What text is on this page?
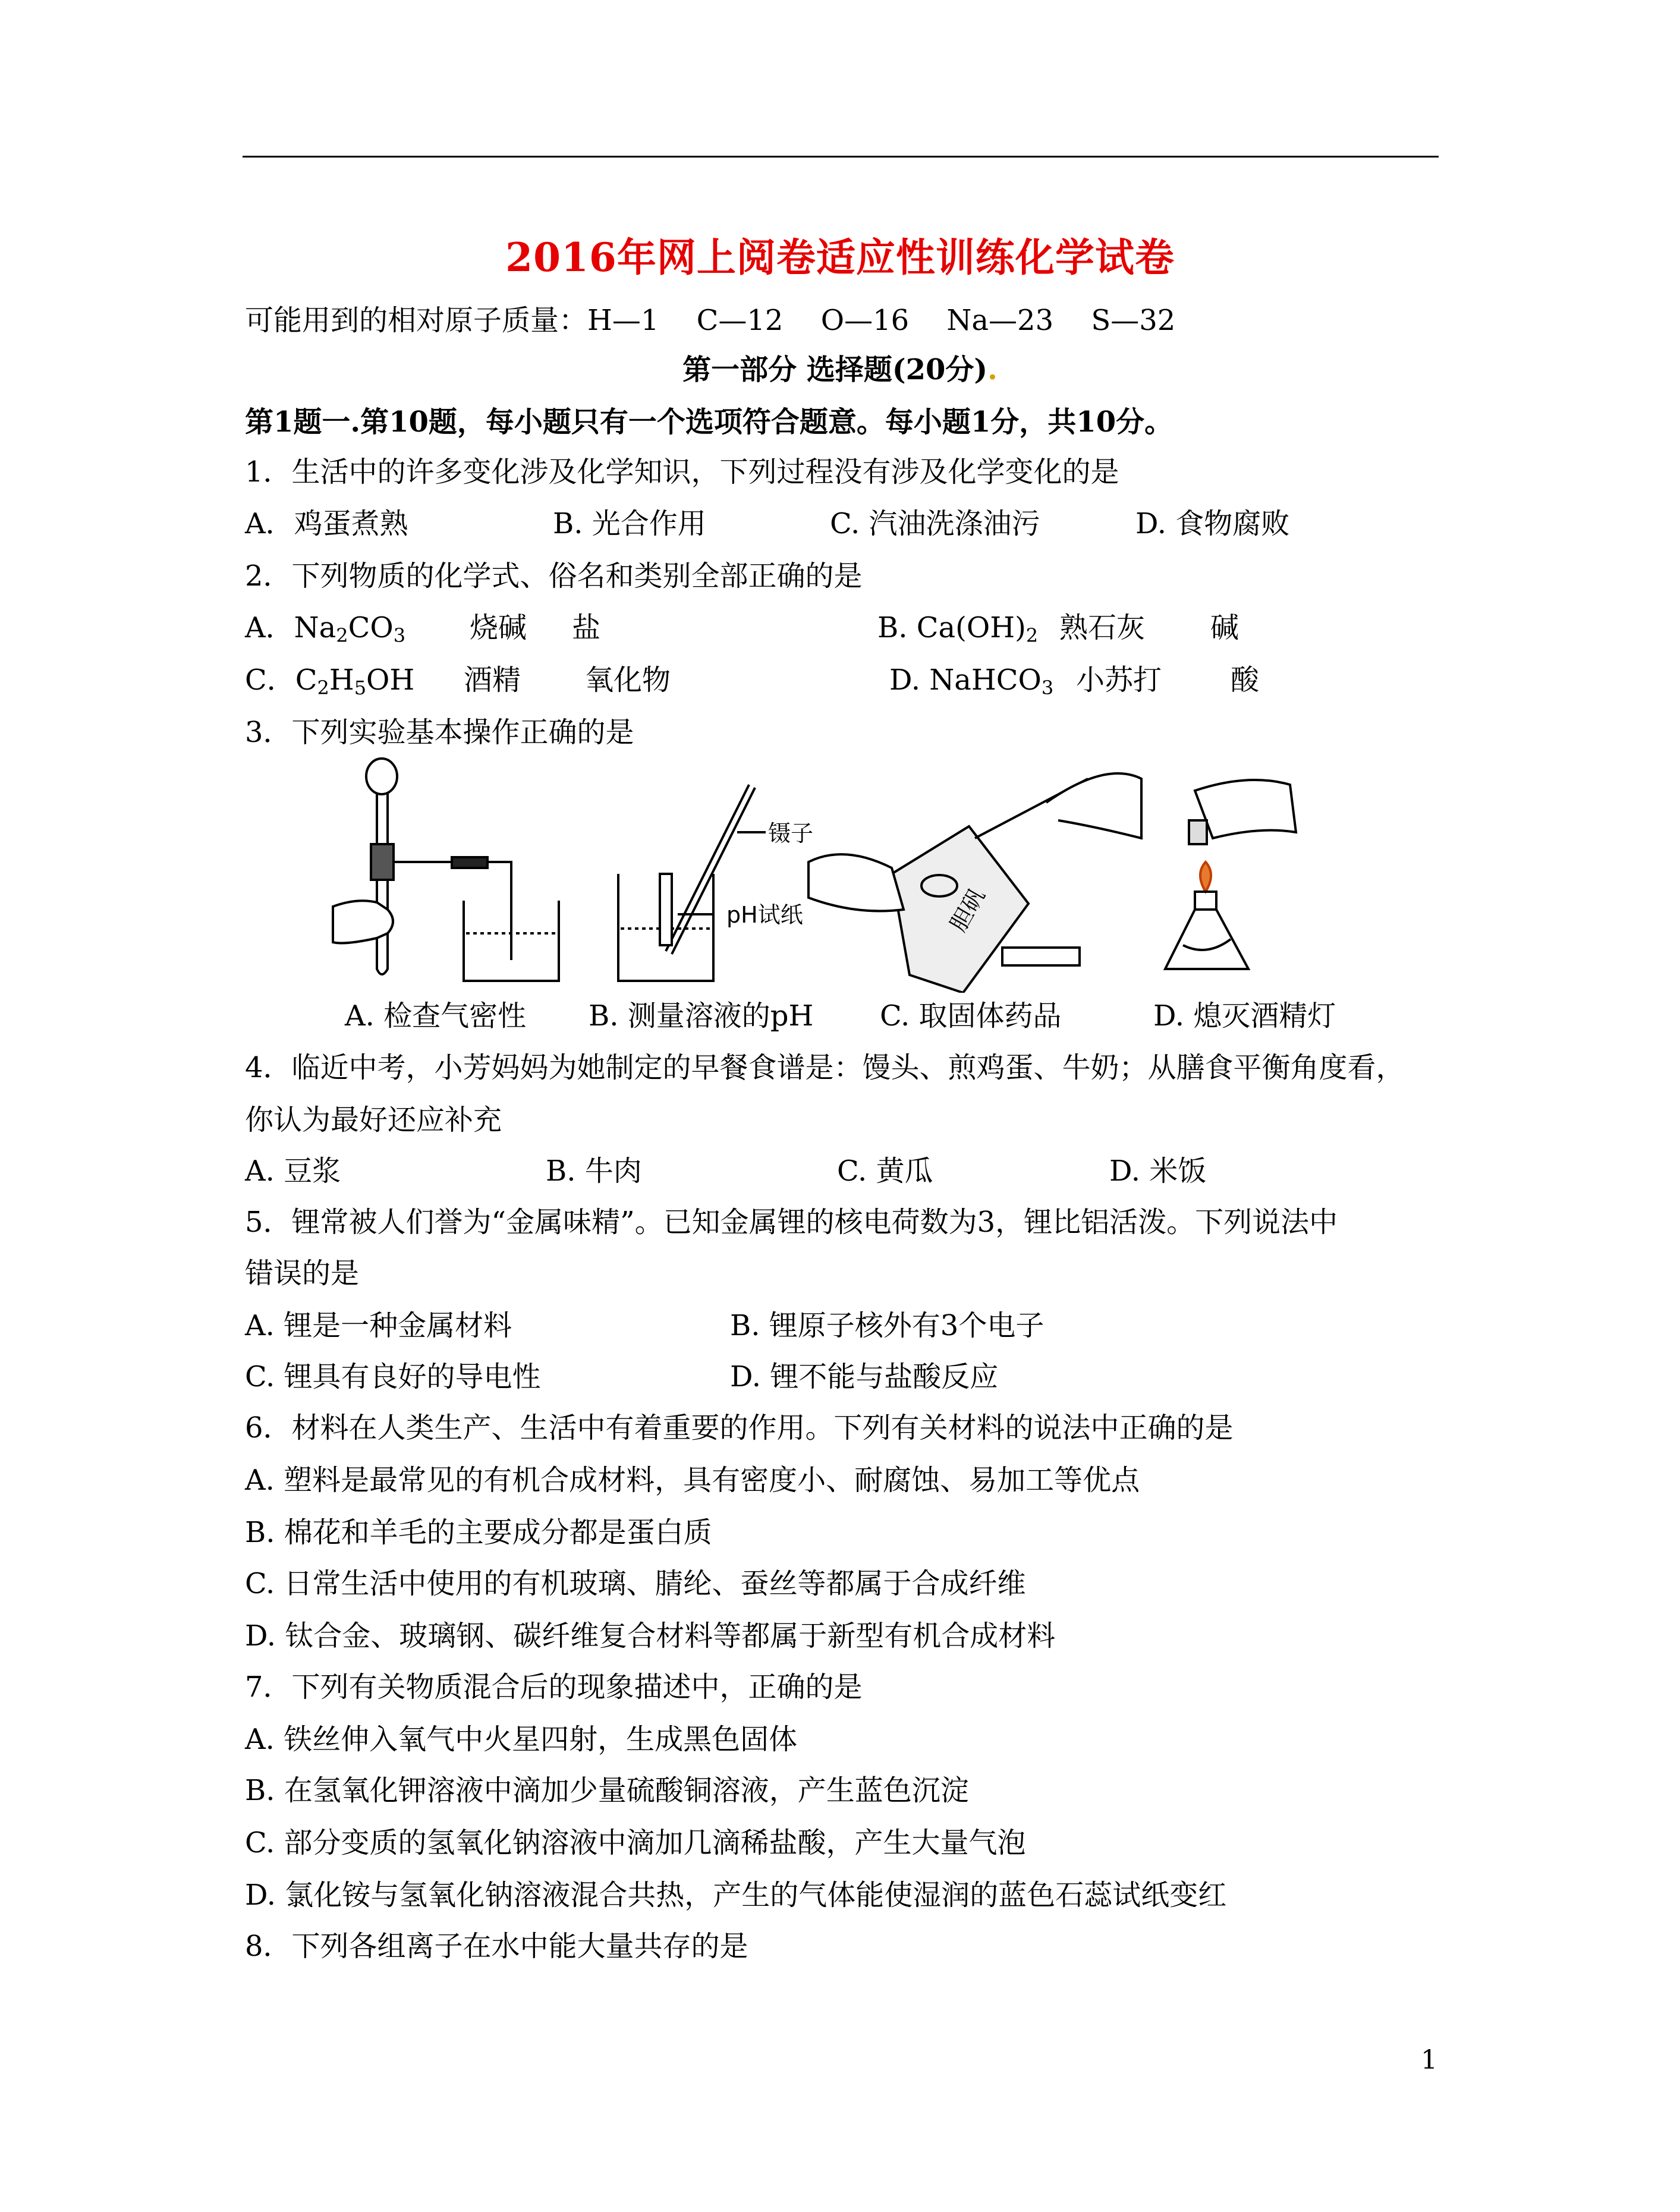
2016年网上阅卷适应性训练化学试卷
可能用到的相对原子质量：H—1　 C—12　 O—16　 Na—23　 S—32
第一部分 选择题(20分).
第1题一.第10题，每小题只有一个选项符合题意。每小题1分，共10分。
1．生活中的许多变化涉及化学知识，下列过程没有涉及化学变化的是
A．鸡蛋煮熟	B. 光合作用	C. 汽油洗涤油污	D. 食物腐败
2．下列物质的化学式、俗名和类别全部正确的是
A．$Na_2CO_3$ 烧碱 盐	B. $Ca(OH)_2$ 熟石灰 碱
C．$C_2H_5OH$ 酒精 氧化物	D. NaHCO$_3$ 小苏打 酸
3．下列实验基本操作正确的是
镊子
pH试纸	胆矾
A. 检查气密性 B. 测量溶液的pH C. 取固体药品	D. 熄灭酒精灯
4．临近中考，小芳妈妈为她制定的早餐食谱是：馒头、煎鸡蛋、牛奶；从膳食平衡角度看，
你认为最好还应补充
A. 豆浆	B. 牛肉	C. 黄瓜	D. 米饭
5．锂常被人们誉为“金属味精”。已知金属锂的核电荷数为3，锂比铝活泼。下列说法中
错误的是
A. 锂是一种金属材料	B. 锂原子核外有3个电子
C. 锂具有良好的导电性	D. 锂不能与盐酸反应
6．材料在人类生产、生活中有着重要的作用。下列有关材料的说法中正确的是
A. 塑料是最常见的有机合成材料，具有密度小、耐腐蚀、易加工等优点
B. 棉花和羊毛的主要成分都是蛋白质
C. 日常生活中使用的有机玻璃、腈纶、蚕丝等都属于合成纤维
D. 钛合金、玻璃钢、碳纤维复合材料等都属于新型有机合成材料
7．下列有关物质混合后的现象描述中，正确的是
A. 铁丝伸入氧气中火星四射，生成黑色固体
B. 在氢氧化钾溶液中滴加少量硫酸铜溶液，产生蓝色沉淀
C. 部分变质的氢氧化钠溶液中滴加几滴稀盐酸，产生大量气泡
D. 氯化铵与氢氧化钠溶液混合共热，产生的气体能使湿润的蓝色石蕊试纸变红
8．下列各组离子在水中能大量共存的是
1
